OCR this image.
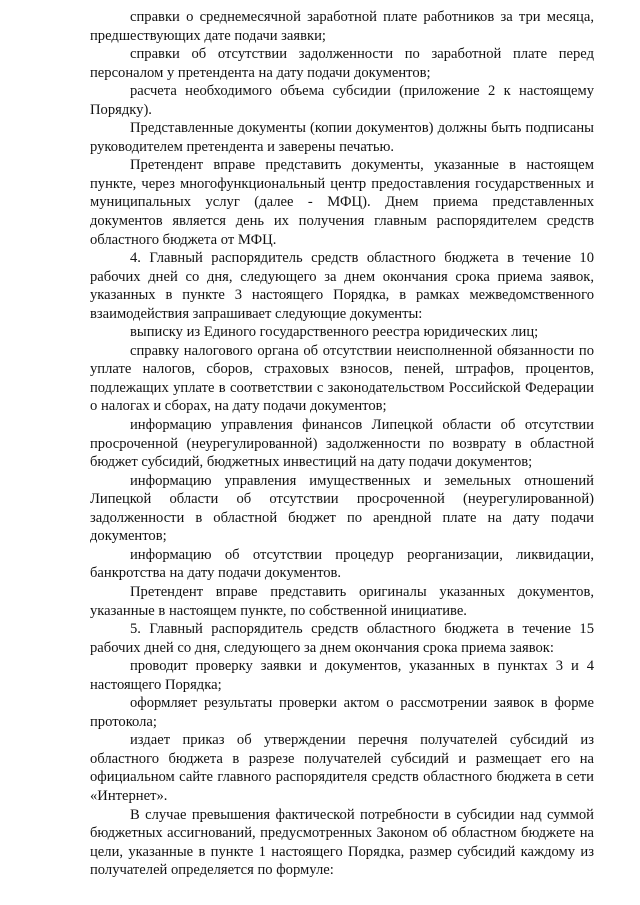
справки о среднемесячной заработной плате работников за три месяца, предшествующих дате подачи заявки;

справки об отсутствии задолженности по заработной плате перед персоналом у претендента на дату подачи документов;

расчета необходимого объема субсидии (приложение 2 к настоящему Порядку).

Представленные документы (копии документов) должны быть подписаны руководителем претендента и заверены печатью.

Претендент вправе представить документы, указанные в настоящем пункте, через многофункциональный центр предоставления государственных и муниципальных услуг (далее - МФЦ). Днем приема представленных документов является день их получения главным распорядителем средств областного бюджета от МФЦ.

4. Главный распорядитель средств областного бюджета в течение 10 рабочих дней со дня, следующего за днем окончания срока приема заявок, указанных в пункте 3 настоящего Порядка, в рамках межведомственного взаимодействия запрашивает следующие документы:

выписку из Единого государственного реестра юридических лиц;

справку налогового органа об отсутствии неисполненной обязанности по уплате налогов, сборов, страховых взносов, пеней, штрафов, процентов, подлежащих уплате в соответствии с законодательством Российской Федерации о налогах и сборах, на дату подачи документов;

информацию управления финансов Липецкой области об отсутствии просроченной (неурегулированной) задолженности по возврату в областной бюджет субсидий, бюджетных инвестиций на дату подачи документов;

информацию управления имущественных и земельных отношений Липецкой области об отсутствии просроченной (неурегулированной) задолженности в областной бюджет по арендной плате на дату подачи документов;

информацию об отсутствии процедур реорганизации, ликвидации, банкротства на дату подачи документов.

Претендент вправе представить оригиналы указанных документов, указанные в настоящем пункте, по собственной инициативе.

5. Главный распорядитель средств областного бюджета в течение 15 рабочих дней со дня, следующего за днем окончания срока приема заявок:

проводит проверку заявки и документов, указанных в пунктах 3 и 4 настоящего Порядка;

оформляет результаты проверки актом о рассмотрении заявок в форме протокола;

издает приказ об утверждении перечня получателей субсидий из областного бюджета в разрезе получателей субсидий и размещает его на официальном сайте главного распорядителя средств областного бюджета в сети «Интернет».

В случае превышения фактической потребности в субсидии над суммой бюджетных ассигнований, предусмотренных Законом об областном бюджете на цели, указанные в пункте 1 настоящего Порядка, размер субсидий каждому из получателей определяется по формуле:
